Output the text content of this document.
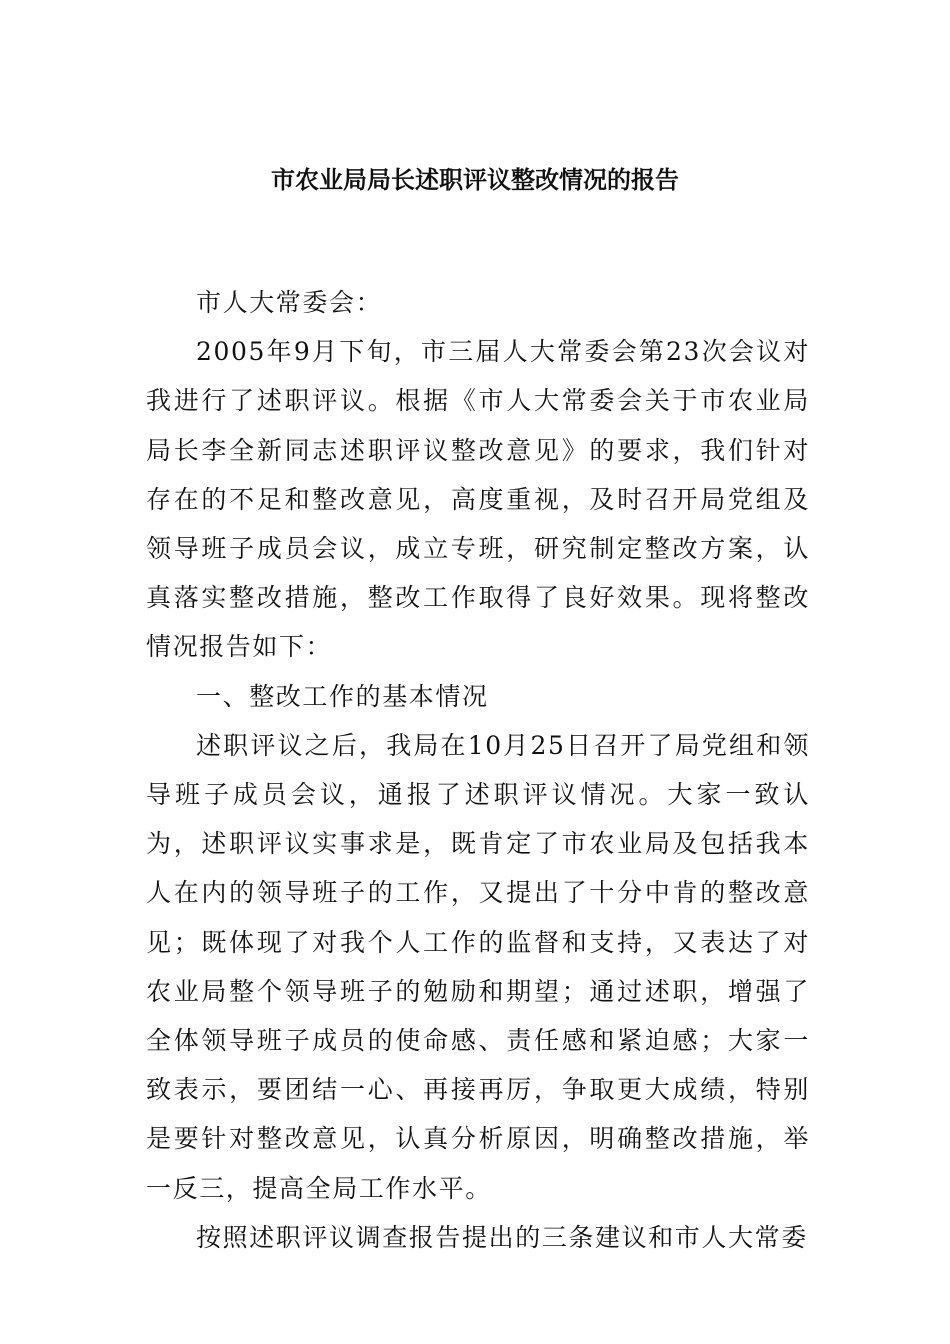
市农业局局长述职评议整改情况的报告

市人大常委会：

2005年9月下旬，市三届人大常委会第23次会议对我进行了述职评议。根据《市人大常委会关于市农业局局长李全新同志述职评议整改意见》的要求，我们针对存在的不足和整改意见，高度重视，及时召开局党组及领导班子成员会议，成立专班，研究制定整改方案，认真落实整改措施，整改工作取得了良好效果。现将整改情况报告如下：

一、整改工作的基本情况

述职评议之后，我局在10月25日召开了局党组和领导班子成员会议，通报了述职评议情况。大家一致认为，述职评议实事求是，既肯定了市农业局及包括我本人在内的领导班子的工作，又提出了十分中肯的整改意见；既体现了对我个人工作的监督和支持，又表达了对农业局整个领导班子的勉励和期望；通过述职，增强了全体领导班子成员的使命感、责任感和紧迫感；大家一致表示，要团结一心、再接再厉，争取更大成绩，特别是要针对整改意见，认真分析原因，明确整改措施，举一反三，提高全局工作水平。

按照述职评议调查报告提出的三条建议和市人大常委
